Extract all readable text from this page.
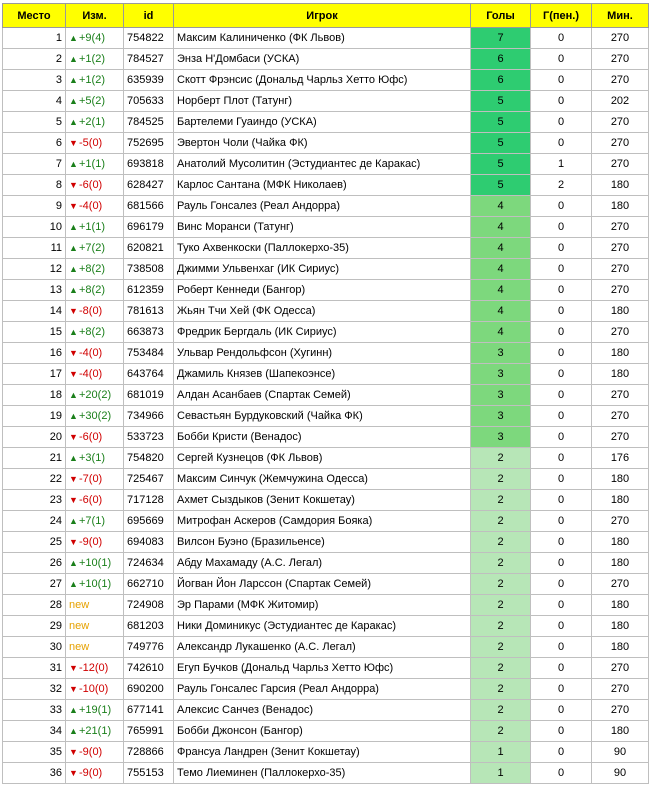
Место	Изм.	id	Игрок	Голы	Г(пен.)	Мин.
1	▲+9(4)	754822	Максим Калиниченко (ФК Львов)	7	0	270
2	▲+1(2)	784527	Энза Н'Домбаси (УСКА)	6	0	270
3	▲+1(2)	635939	Скотт Фрэнсис (Дональд Чарльз Хетто Юфс)	6	0	270
4	▲+5(2)	705633	Норберт Плот (Татунг)	5	0	202
5	▲+2(1)	784525	Бартелеми Гуаиндо (УСКА)	5	0	270
6	▼-5(0)	752695	Эвертон Чоли (Чайка ФК)	5	0	270
7	▲+1(1)	693818	Анатолий Мусолитин (Эстудиантес де Каракас)	5	1	270
8	▼-6(0)	628427	Карлос Сантана (МФК Николаев)	5	2	180
9	▼-4(0)	681566	Рауль Гонсалез (Реал Андорра)	4	0	180
10	▲+1(1)	696179	Винс Моранси (Татунг)	4	0	270
11	▲+7(2)	620821	Туко Ахвенкоски (Паллокерхо-35)	4	0	270
12	▲+8(2)	738508	Джимми Ульвенхаг (ИК Сириус)	4	0	270
13	▲+8(2)	612359	Роберт Кеннеди (Бангор)	4	0	270
14	▼-8(0)	781613	Жьян Тчи Хей (ФК Одесса)	4	0	180
15	▲+8(2)	663873	Фредрик Бергдаль (ИК Сириус)	4	0	270
16	▼-4(0)	753484	Ульвар Рендольфсон (Хугинн)	3	0	180
17	▼-4(0)	643764	Джамиль Князев (Шапекоэнсе)	3	0	180
18	▲+20(2)	681019	Алдан Асанбаев (Спартак Семей)	3	0	270
19	▲+30(2)	734966	Севастьян Бурдуковский (Чайка ФК)	3	0	270
20	▼-6(0)	533723	Бобби Кристи (Венадос)	3	0	270
21	▲+3(1)	754820	Сергей Кузнецов (ФК Львов)	2	0	176
22	▼-7(0)	725467	Максим Синчук (Жемчужина Одесса)	2	0	180
23	▼-6(0)	717128	Ахмет Сыздыков (Зенит Кокшетау)	2	0	180
24	▲+7(1)	695669	Митрофан Аскеров (Самдория Бояка)	2	0	270
25	▼-9(0)	694083	Вилсон Буэно (Бразильенсе)	2	0	180
26	▲+10(1)	724634	Абду Махамаду (А.С. Легал)	2	0	180
27	▲+10(1)	662710	Йогван Йон Ларссон (Спартак Семей)	2	0	270
28	new	724908	Эр Парами (МФК Житомир)	2	0	180
29	new	681203	Ники Доминикус (Эстудиантес де Каракас)	2	0	180
30	new	749776	Александр Лукашенко (А.С. Легал)	2	0	180
31	▼-12(0)	742610	Егуп Бучков (Дональд Чарльз Хетто Юфс)	2	0	270
32	▼-10(0)	690200	Рауль Гонсалес Гарсия (Реал Андорра)	2	0	270
33	▲+19(1)	677141	Алексис Санчез (Венадос)	2	0	270
34	▲+21(1)	765991	Бобби Джонсон (Бангор)	2	0	180
35	▼-9(0)	728866	Франсуа Ландрен (Зенит Кокшетау)	1	0	90
36	▼-9(0)	755153	Темо Лиеминен (Паллокерхо-35)	1	0	90
